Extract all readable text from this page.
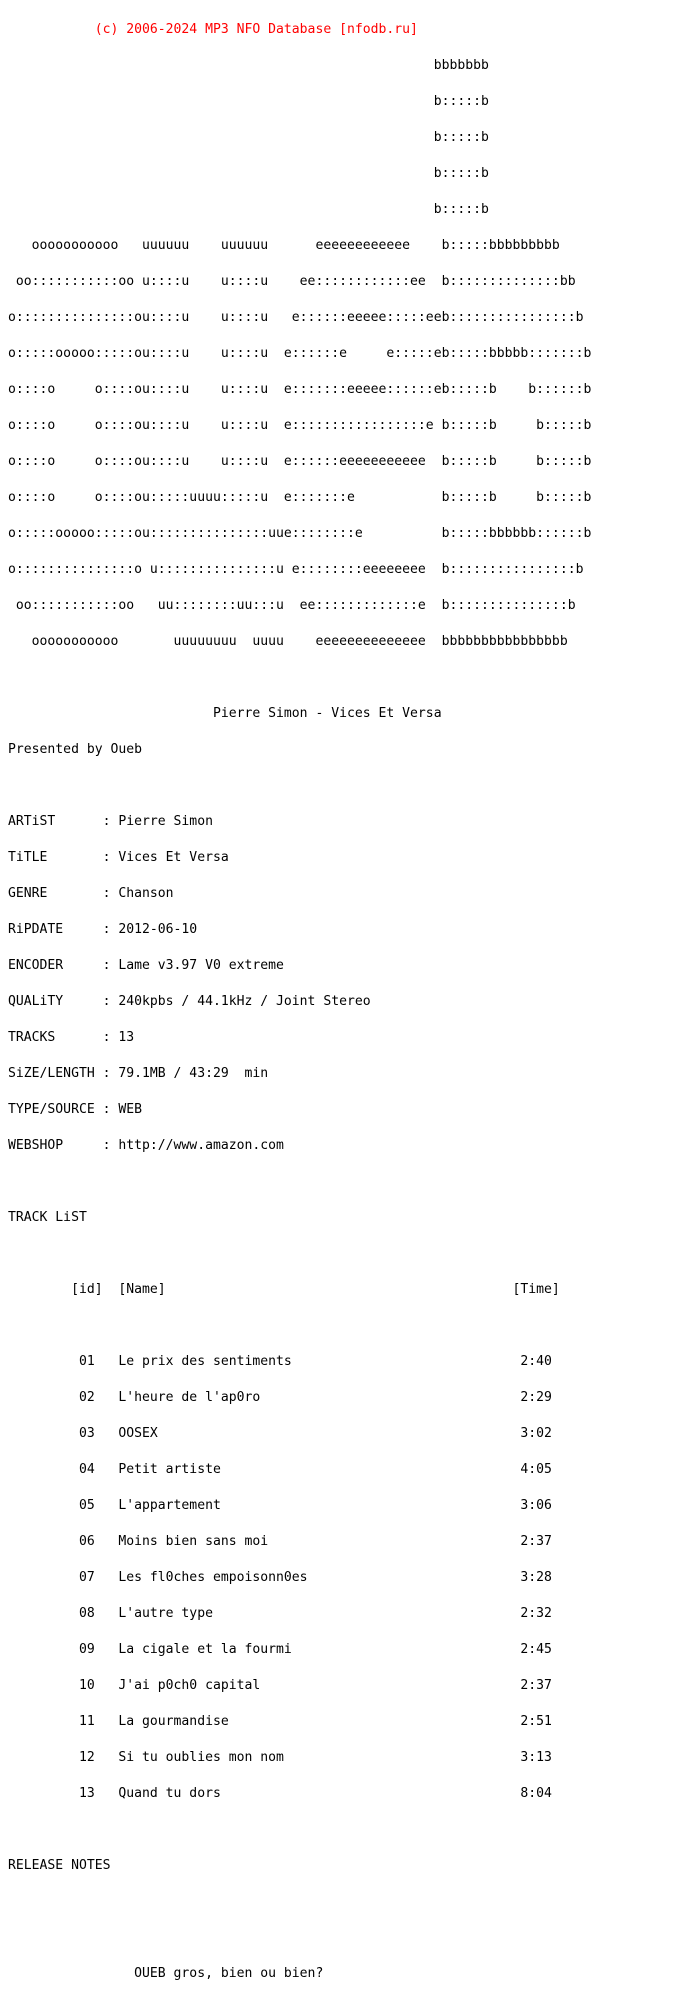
(c) 2006-2024 MP3 NFO Database [nfodb.ru]

bbbbbbb

b:::::b

b:::::b

b:::::b

b:::::b

ooooooooooo   uuuuuu    uuuuuu      eeeeeeeeeeee    b:::::bbbbbbbbb

oo:::::::::::oo u::::u    u::::u    ee::::::::::::ee  b::::::::::::::bb

o:::::::::::::::ou::::u    u::::u   e::::::eeeee:::::eeb::::::::::::::::b

o:::::ooooo:::::ou::::u    u::::u  e::::::e     e:::::eb:::::bbbbb:::::::b

o::::o     o::::ou::::u    u::::u  e:::::::eeeee::::::eb:::::b    b::::::b

o::::o     o::::ou::::u    u::::u  e:::::::::::::::::e b:::::b     b:::::b

o::::o     o::::ou::::u    u::::u  e::::::eeeeeeeeeee  b:::::b     b:::::b

o::::o     o::::ou:::::uuuu:::::u  e:::::::e           b:::::b     b:::::b

o:::::ooooo:::::ou:::::::::::::::uue::::::::e          b:::::bbbbbb::::::b

o:::::::::::::::o u:::::::::::::::u e::::::::eeeeeeee  b::::::::::::::::b

oo:::::::::::oo   uu::::::::uu:::u  ee:::::::::::::e  b:::::::::::::::b

ooooooooooo       uuuuuuuu  uuuu    eeeeeeeeeeeeee  bbbbbbbbbbbbbbbb

Pierre Simon - Vices Et Versa

Presented by Oueb

ARTiST      : Pierre Simon

TiTLE       : Vices Et Versa

GENRE       : Chanson

RiPDATE     : 2012-06-10

ENCODER     : Lame v3.97 V0 extreme

QUALiTY     : 240kpbs / 44.1kHz / Joint Stereo

TRACKS      : 13

SiZE/LENGTH : 79.1MB / 43:29  min

TYPE/SOURCE : WEB

WEBSHOP     : http://www.amazon.com

TRACK LiST

[id]  [Name]                                            [Time]

01   Le prix des sentiments                             2:40

02   L'heure de l'ap0ro                                 2:29

03   OOSEX                                              3:02

04   Petit artiste                                      4:05

05   L'appartement                                      3:06

06   Moins bien sans moi                                2:37

07   Les fl0ches empoisonn0es                           3:28

08   L'autre type                                       2:32

09   La cigale et la fourmi                             2:45

10   J'ai p0ch0 capital                                 2:37

11   La gourmandise                                     2:51

12   Si tu oublies mon nom                              3:13

13   Quand tu dors                                      8:04

RELEASE NOTES

OUEB gros, bien ou bien?
